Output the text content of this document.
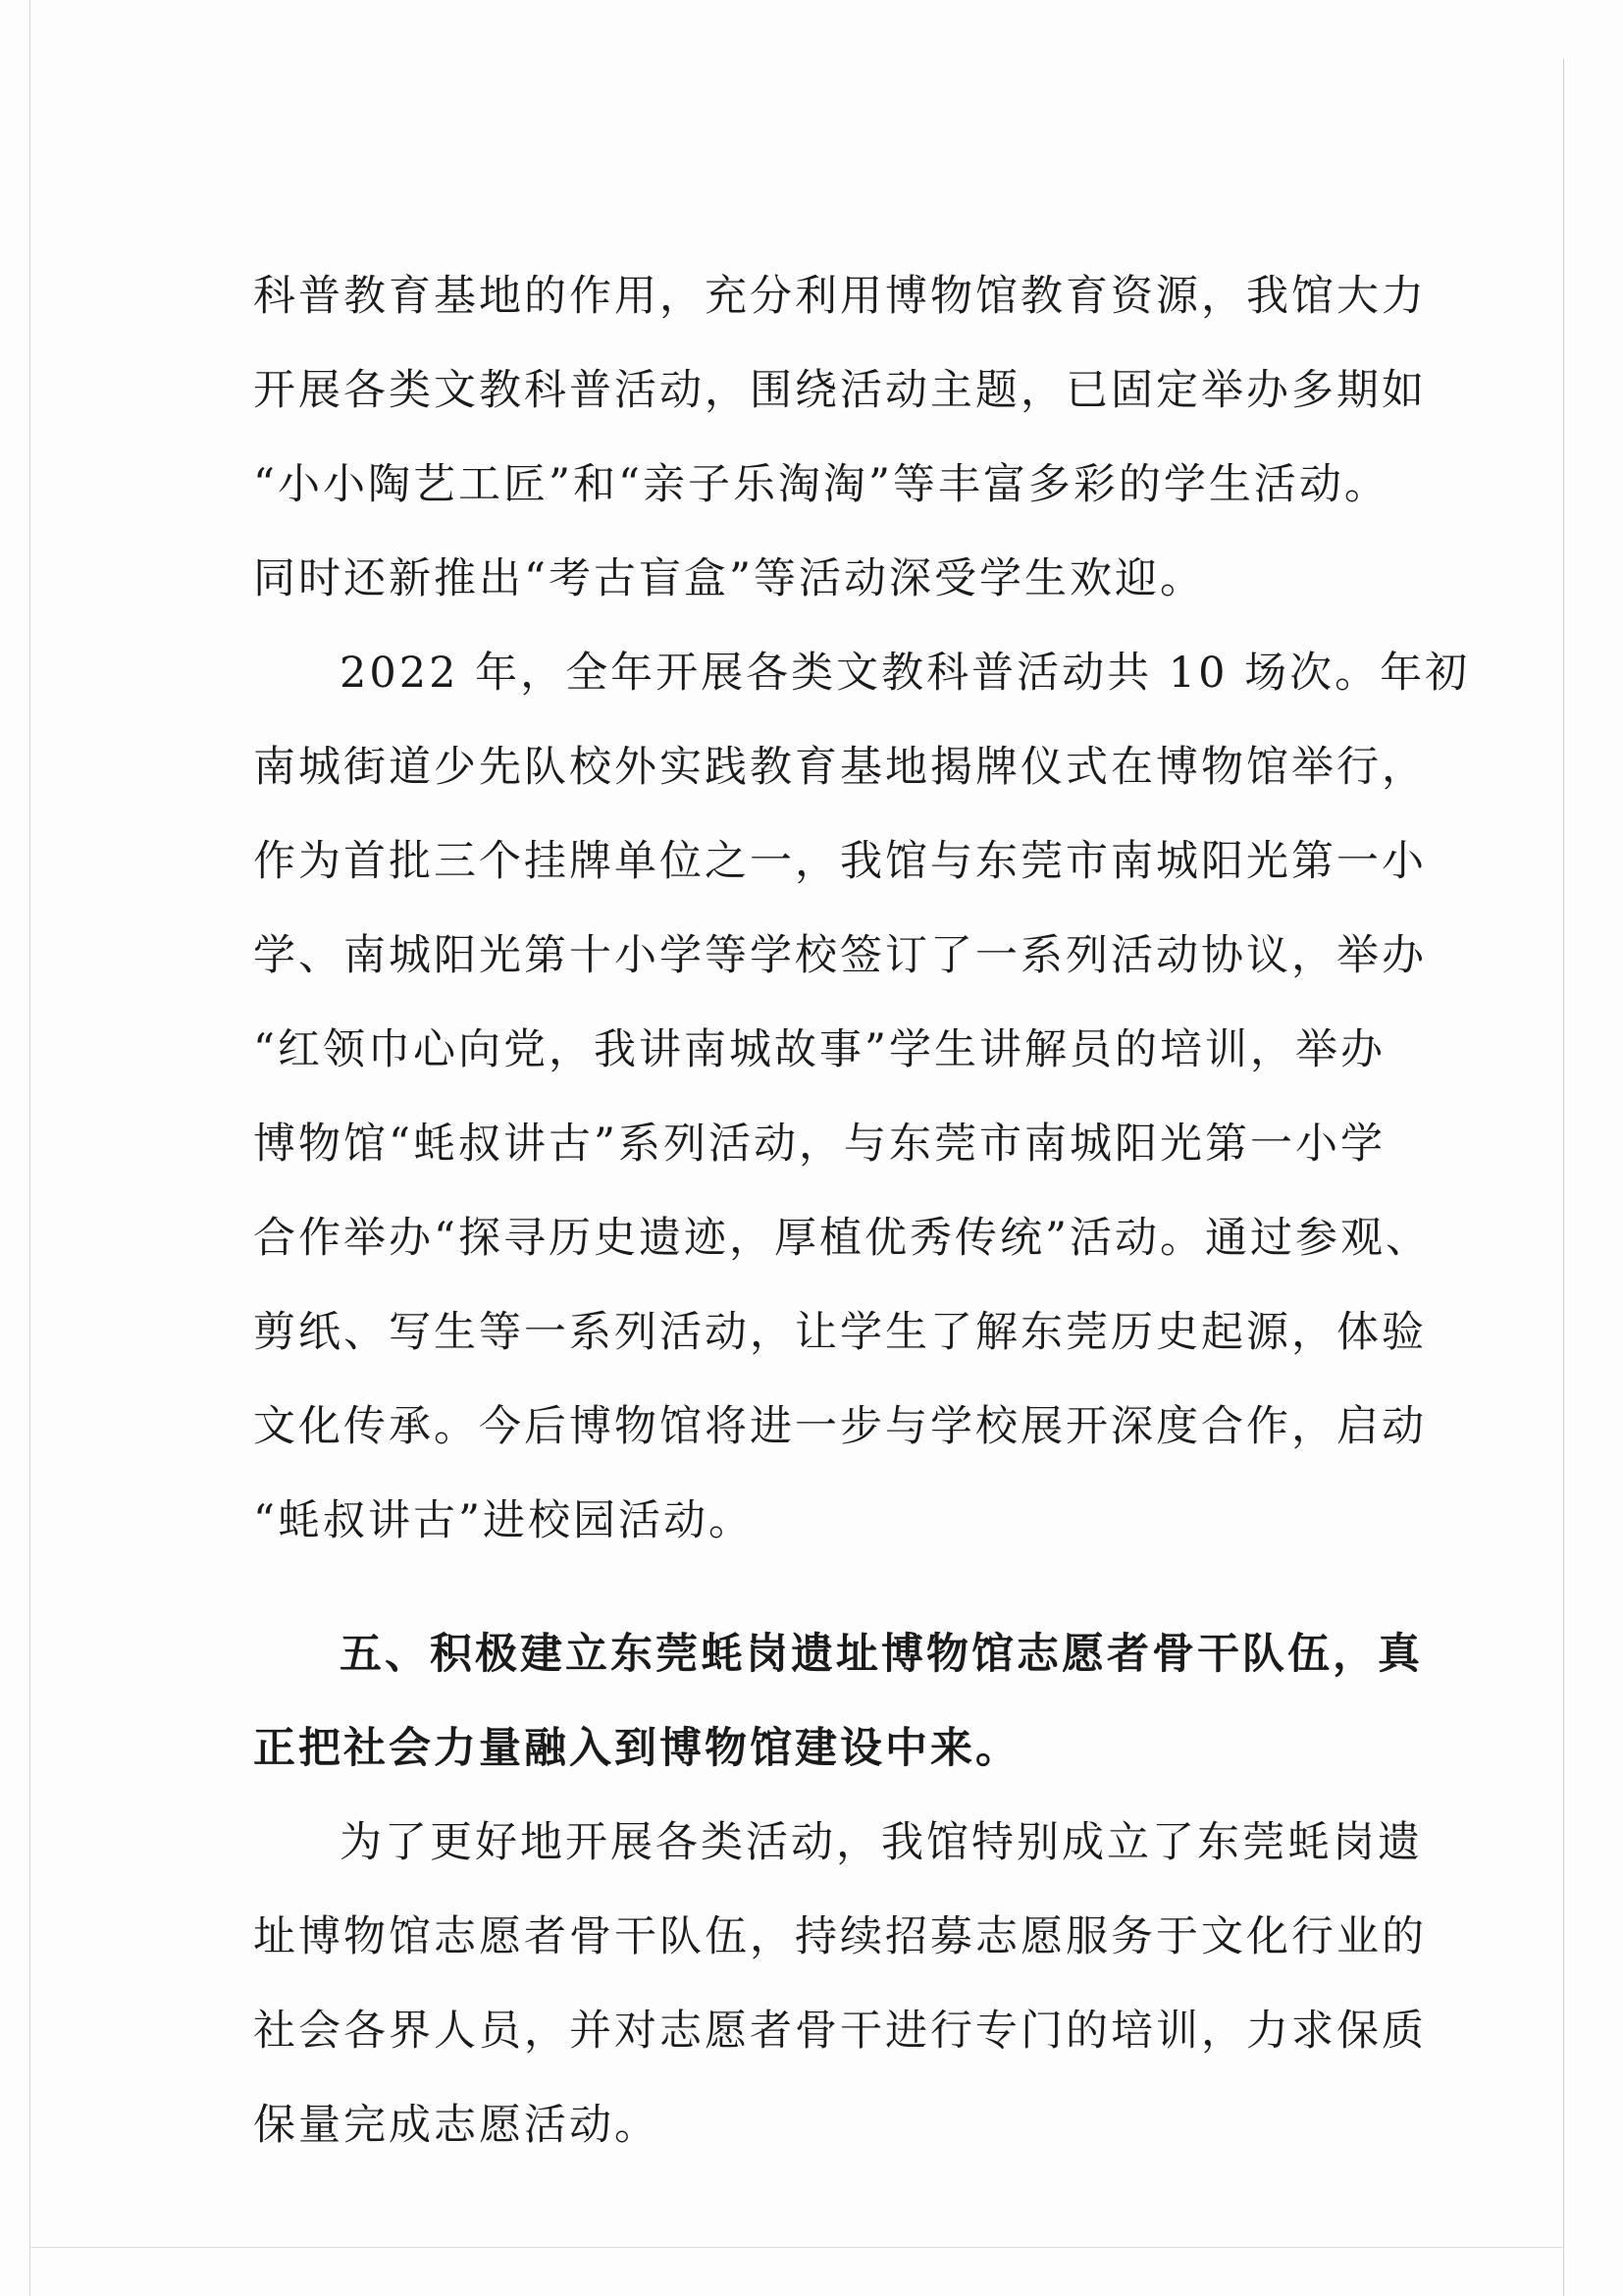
科普教育基地的作用，充分利用博物馆教育资源，我馆大力
开展各类文教科普活动，围绕活动主题，已固定举办多期如
“小小陶艺工匠”和“亲子乐淘淘”等丰富多彩的学生活动。
同时还新推出“考古盲盒”等活动深受学生欢迎。
2022 年，全年开展各类文教科普活动共 10 场次。年初
南城街道少先队校外实践教育基地揭牌仪式在博物馆举行，
作为首批三个挂牌单位之一，我馆与东莞市南城阳光第一小
学、南城阳光第十小学等学校签订了一系列活动协议，举办
“红领巾心向党，我讲南城故事”学生讲解员的培训，举办
博物馆“蚝叔讲古”系列活动，与东莞市南城阳光第一小学
合作举办“探寻历史遗迹，厚植优秀传统”活动。通过参观、
剪纸、写生等一系列活动，让学生了解东莞历史起源，体验
文化传承。今后博物馆将进一步与学校展开深度合作，启动
“蚝叔讲古”进校园活动。
五、积极建立东莞蚝岗遗址博物馆志愿者骨干队伍，真
正把社会力量融入到博物馆建设中来。
为了更好地开展各类活动，我馆特别成立了东莞蚝岗遗
址博物馆志愿者骨干队伍，持续招募志愿服务于文化行业的
社会各界人员，并对志愿者骨干进行专门的培训，力求保质
保量完成志愿活动。
